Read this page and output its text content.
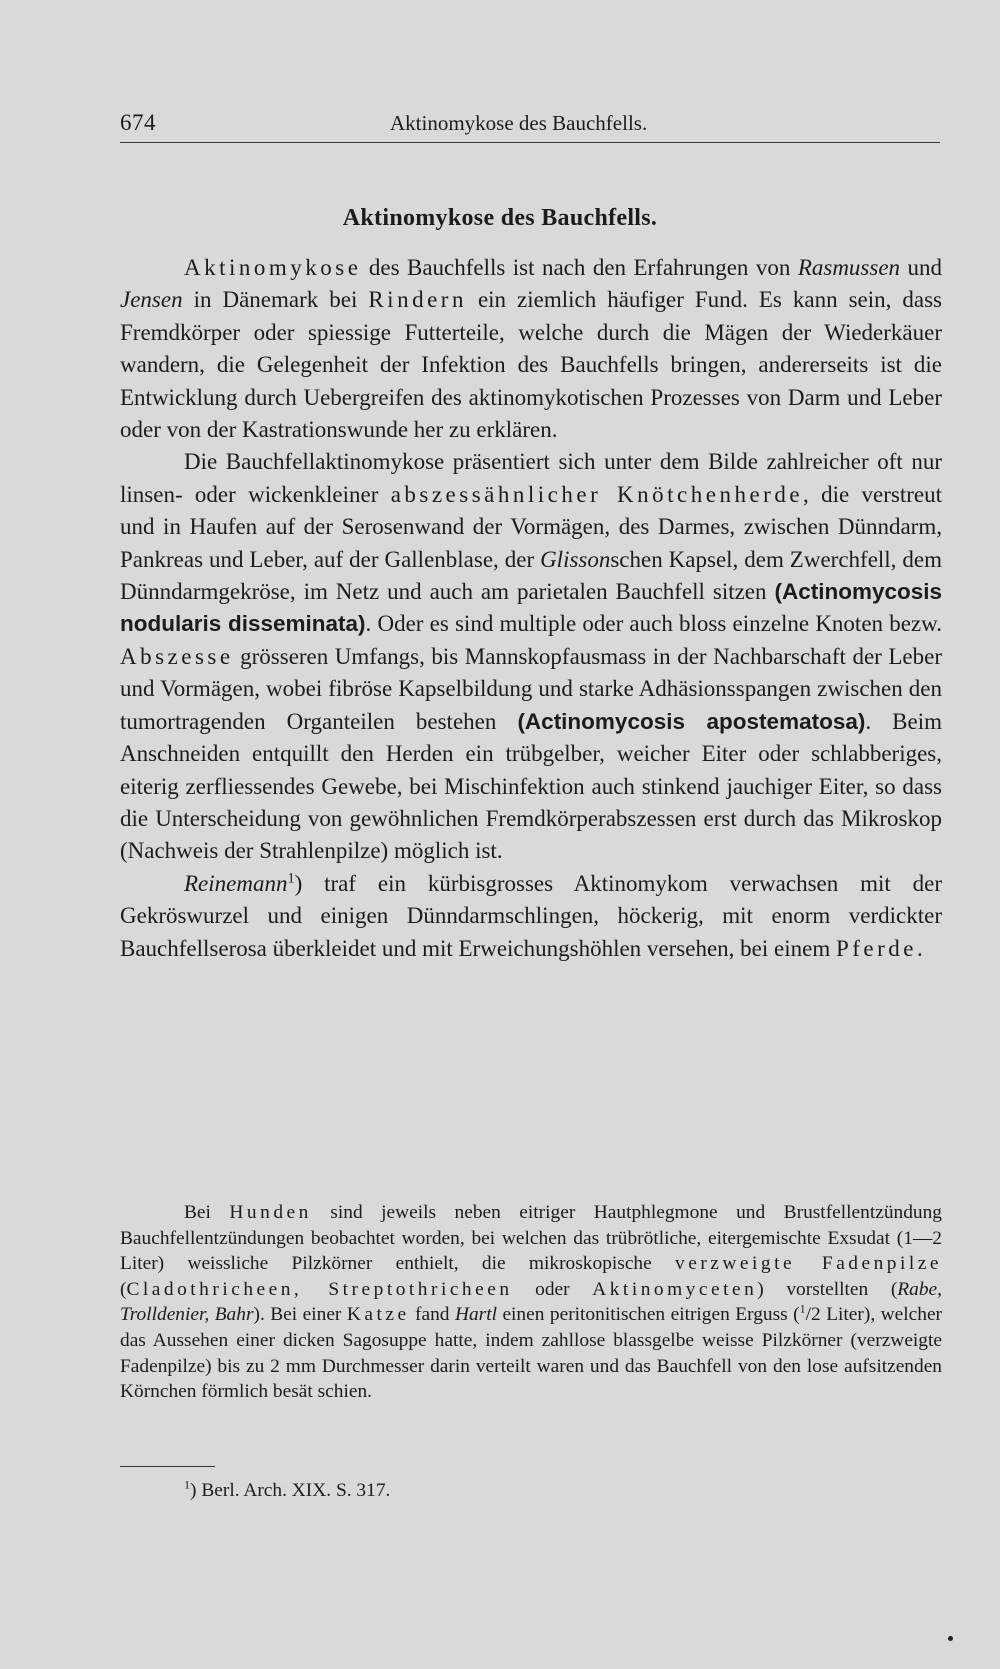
674	Aktinomykose des Bauchfells.
Aktinomykose des Bauchfells.

Aktinomykose des Bauchfells ist nach den Erfahrungen von Rasmussen und Jensen in Dänemark bei Rindern ein ziemlich häufiger Fund. Es kann sein, dass Fremdkörper oder spiessige Futterteile, welche durch die Mägen der Wiederkäuer wandern, die Gelegenheit der Infektion des Bauchfells bringen, andererseits ist die Entwicklung durch Uebergreifen des aktinomykotischen Prozesses von Darm und Leber oder von der Kastrationswunde her zu erklären.

Die Bauchfellaktinomykose präsentiert sich unter dem Bilde zahlreicher oft nur linsen- oder wickenkleiner abszessähnlicher Knötchenherde, die verstreut und in Haufen auf der Serosenwand der Vormägen, des Darmes, zwischen Dünndarm, Pankreas und Leber, auf der Gallenblase, der Glissonschen Kapsel, dem Zwerchfell, dem Dünndarmgekröse, im Netz und auch am parietalen Bauchfell sitzen (Actinomycosis nodularis disseminata). Oder es sind multiple oder auch bloss einzelne Knoten bezw. Abszesse grösseren Umfangs, bis Mannskopfausmass in der Nachbarschaft der Leber und Vormägen, wobei fibröse Kapselbildung und starke Adhäsionsspangen zwischen den tumortragenden Organteilen bestehen (Actinomycosis apostematosa). Beim Anschneiden entquillt den Herden ein trübgelber, weicher Eiter oder schlabberiges, eiterig zerfliessendes Gewebe, bei Mischinfektion auch stinkend jauchiger Eiter, so dass die Unterscheidung von gewöhnlichen Fremdkörperabszessen erst durch das Mikroskop (Nachweis der Strahlenpilze) möglich ist.

Reinemann$^1$) traf ein kürbisgrosses Aktinomykom verwachsen mit der Gekröswurzel und einigen Dünndarmschlingen, höckerig, mit enorm verdickter Bauchfellserosa überkleidet und mit Erweichungshöhlen versehen, bei einem Pferde.

Bei Hunden sind jeweils neben eitriger Hautphlegmone und Brustfellentzündung Bauchfellentzündungen beobachtet worden, bei welchen das trübrötliche, eitergemischte Exsudat (1—2 Liter) weissliche Pilzkörner enthielt, die mikroskopische verzweigte Fadenpilze (Cladothricheen, Streptothricheen oder Aktinomyceten) vorstellten (Rabe, Trolldenier, Bahr). Bei einer Katze fand Hartl einen peritonitischen eitrigen Erguss ($^1$/2 Liter), welcher das Aussehen einer dicken Sagosuppe hatte, indem zahllose blassgelbe weisse Pilzkörner (verzweigte Fadenpilze) bis zu 2 mm Durchmesser darin verteilt waren und das Bauchfell von den lose aufsitzenden Körnchen förmlich besät schien.

$^1$) Berl. Arch. XIX. S. 317.
